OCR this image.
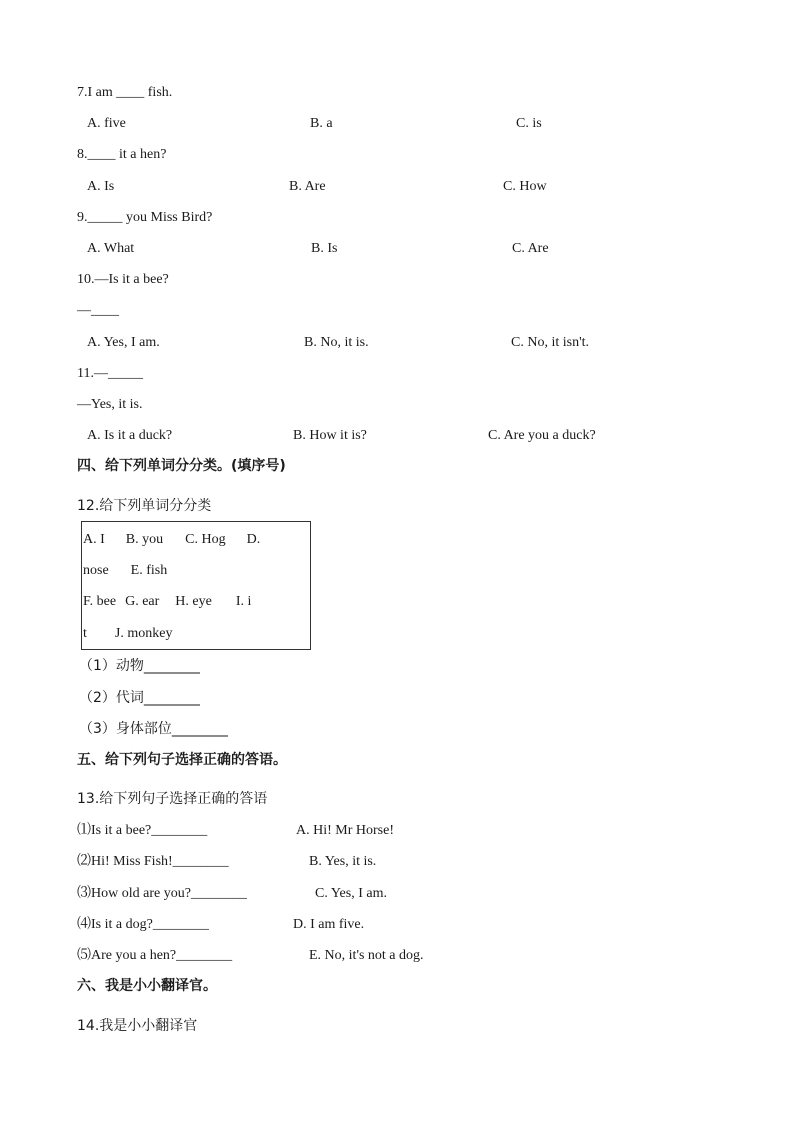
7.I am ____ fish.
A. five	B. a	C. is
8.____ it a hen?
A. Is	B. Are	C. How
9._____ you Miss Bird?
A. What	B. Is	C. Are
10.—Is it a bee?
—____
A. Yes, I am.	B. No, it is.	C. No, it isn't.
11.—_____
—Yes, it is.
A. Is it a duck?	B. How it is?	C. Are you a duck?
四、给下列单词分分类。(填序号)
12.给下列单词分分类
A. I B. you C. Hog D.
nose E. fish
F. bee G. ear H. eye I. i
t J. monkey
（1）动物________
（2）代词________
（3）身体部位________
五、给下列句子选择正确的答语。
13.给下列句子选择正确的答语
⑴Is it a bee?________	A. Hi! Mr Horse!
⑵Hi! Miss Fish!________	B. Yes, it is.
⑶How old are you?________	C. Yes, I am.
⑷Is it a dog?________	D. I am five.
⑸Are you a hen?________	E. No, it's not a dog.
六、我是小小翻译官。
14.我是小小翻译官
